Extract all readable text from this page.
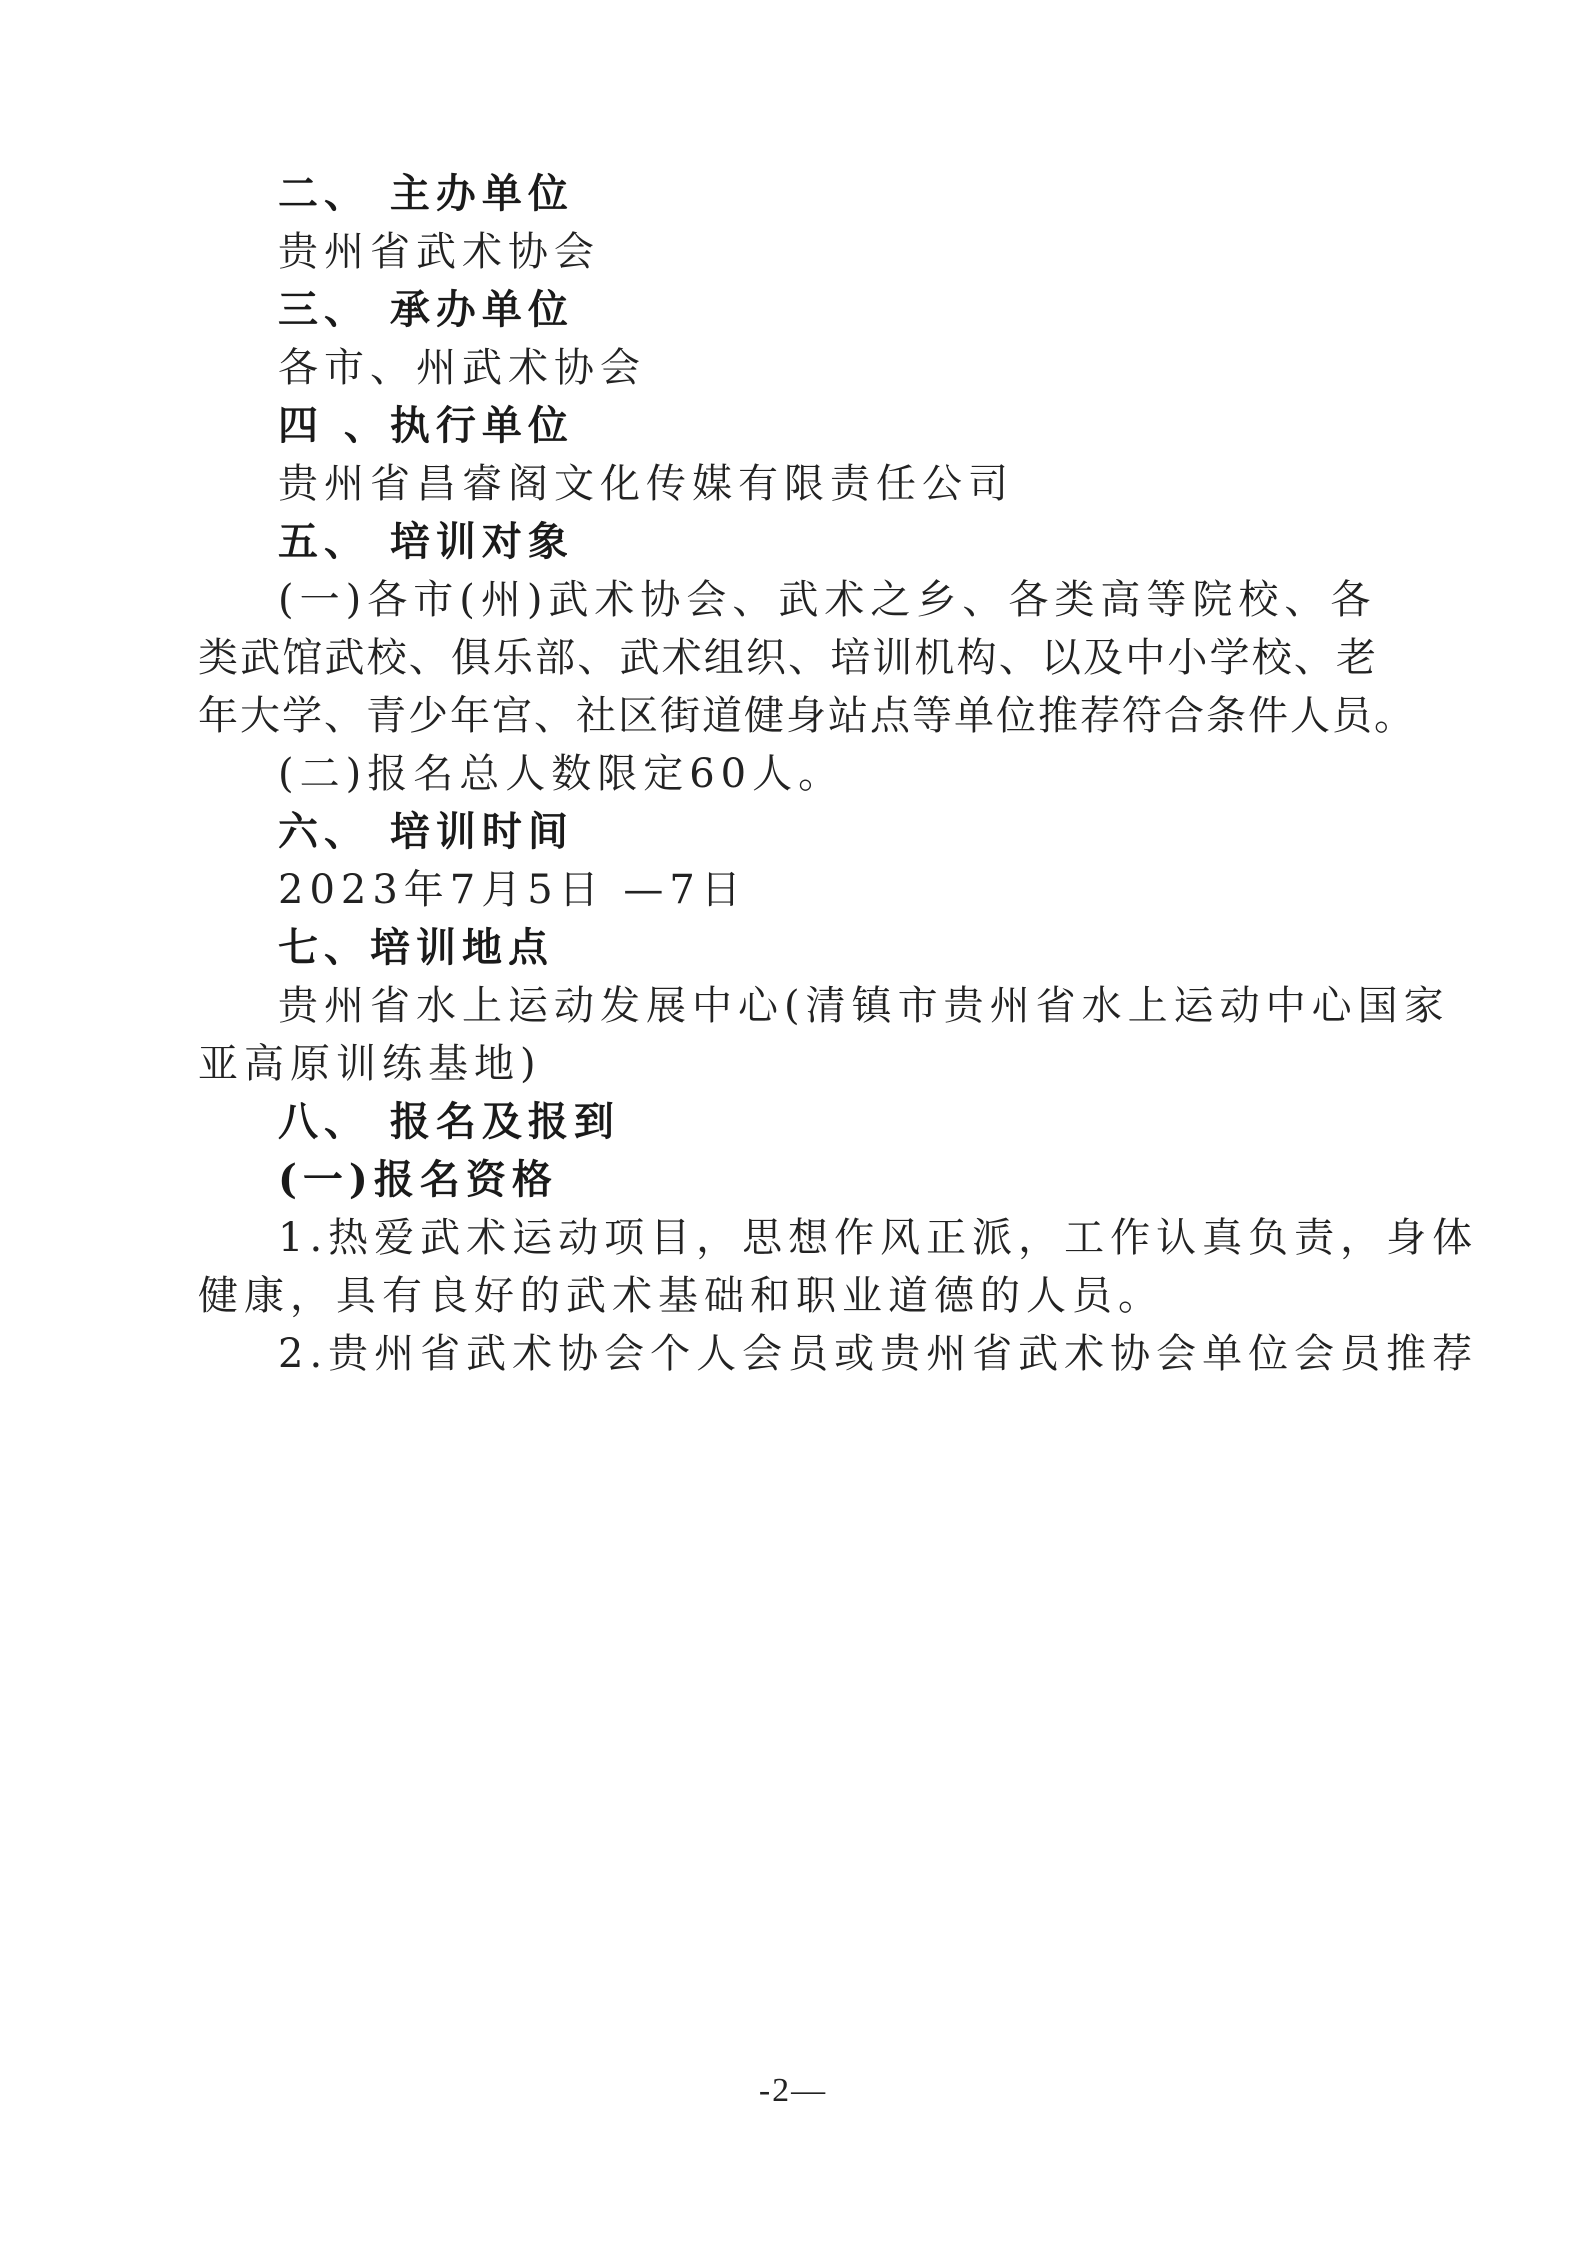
二、 主办单位
贵州省武术协会
三、 承办单位
各市、州武术协会
四 、执行单位
贵州省昌睿阁文化传媒有限责任公司
五、 培训对象
(一)各市(州)武术协会、武术之乡、各类高等院校、各
类武馆武校、俱乐部、武术组织、培训机构、以及中小学校、老
年大学、青少年宫、社区街道健身站点等单位推荐符合条件人员。
(二)报名总人数限定60人。
六、 培训时间
2023年7月5日 —7日
七、培训地点
贵州省水上运动发展中心(清镇市贵州省水上运动中心国家
亚高原训练基地)
八、 报名及报到
(一)报名资格
1.热爱武术运动项目，思想作风正派，工作认真负责，身体
健康，具有良好的武术基础和职业道德的人员。
2.贵州省武术协会个人会员或贵州省武术协会单位会员推荐
-2—
